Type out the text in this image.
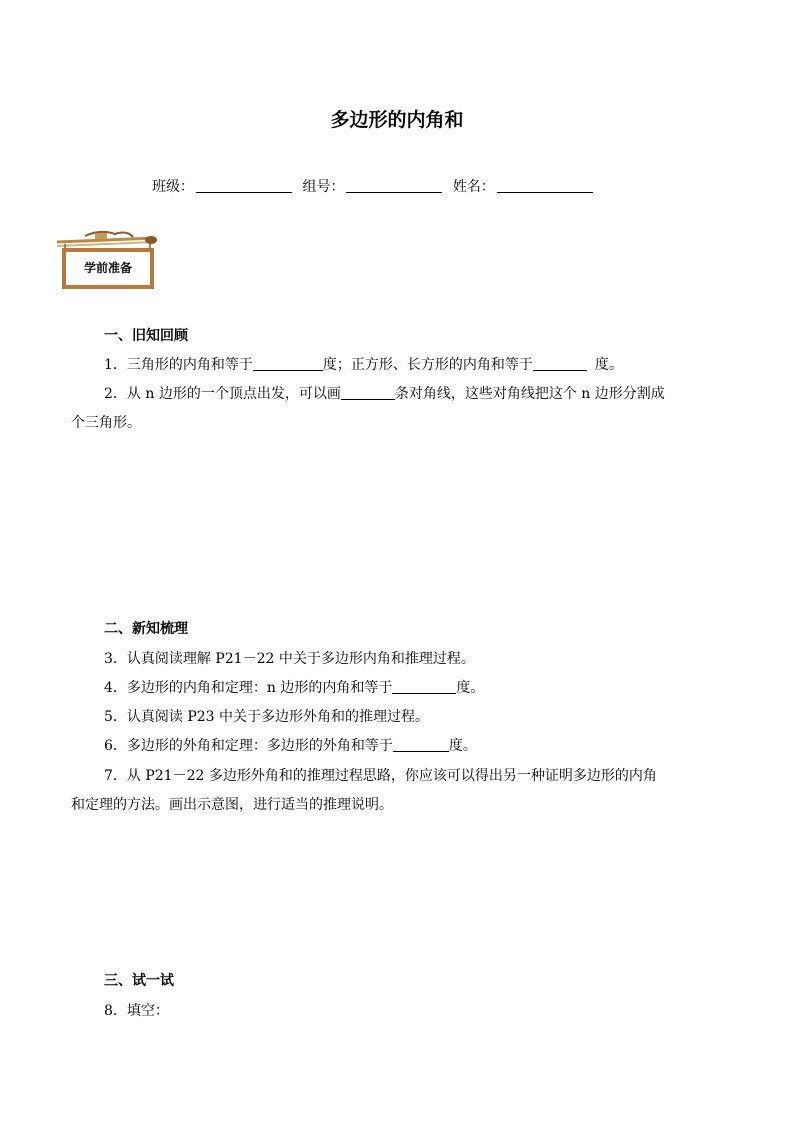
多边形的内角和
班级：	组号：	姓名：
学前准备
一、旧知回顾
1．三角形的内角和等于	度；正方形、长方形的内角和等于	度。
2．从 n 边形的一个顶点出发，可以画	条对角线，这些对角线把这个 n 边形分割成
个三角形。
二、新知梳理
3．认真阅读理解 P21－22 中关于多边形内角和推理过程。
4．多边形的内角和定理：n 边形的内角和等于	度。
5．认真阅读 P23 中关于多边形外角和的推理过程。
6．多边形的外角和定理：多边形的外角和等于	度。
7．从 P21－22 多边形外角和的推理过程思路，你应该可以得出另一种证明多边形的内角
和定理的方法。画出示意图，进行适当的推理说明。
三、试一试
8．填空：
